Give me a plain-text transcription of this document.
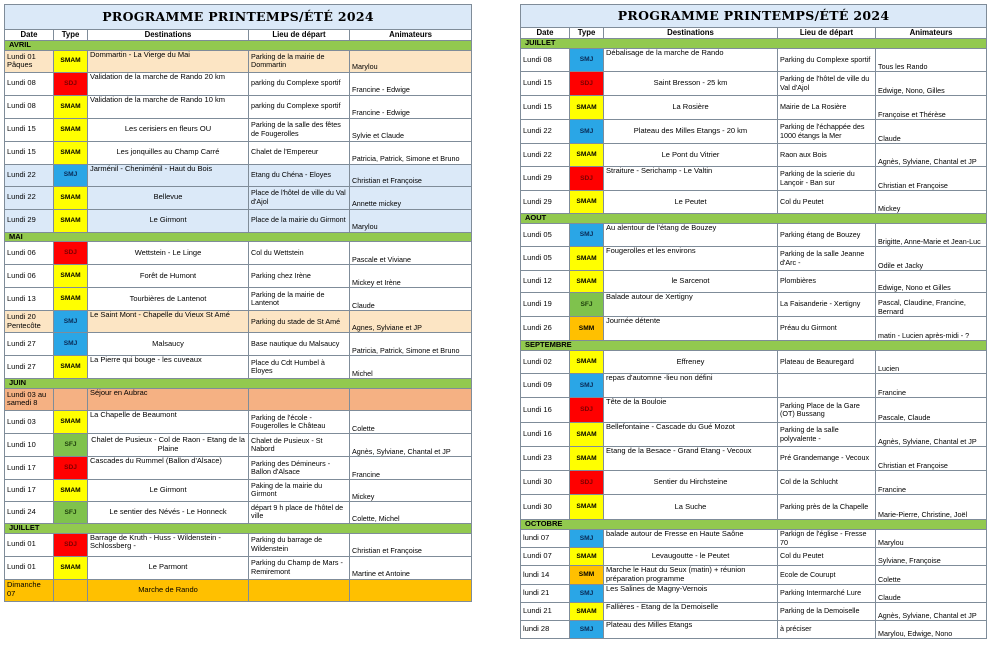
PROGRAMME PRINTEMPS/ÉTÉ 2024				
Date	Type	Destinations	Lieu de départ	Animateurs
AVRIL				
Lundi 01 Pâques	SMAM	Dommartin - La Vierge du Mai	Parking de la mairie de Dommartin	Marylou
Lundi 08	SDJ	Validation de la marche de Rando 20 km	parking du Complexe sportif	Francine - Edwige
Lundi 08	SMAM	Validation de la marche de Rando 10 km	parking du Complexe sportif	Francine - Edwige
Lundi 15	SMAM	Les cerisiers en fleurs OU	Parking de la salle des fêtes de Fougerolles	Sylvie et Claude
Lundi 15	SMAM	Les jonquilles au Champ Carré	Chalet de l'Empereur	Patricia, Patrick, Simone et Bruno
Lundi 22	SMJ	Jarménil - Cheniménil - Haut du Bois	Etang du Chéna - Eloyes	Christian et Françoise
Lundi 22	SMAM	Bellevue	Place de l'hôtel de ville du Val d'Ajol	Annette mickey
Lundi 29	SMAM	Le Girmont	Place de la mairie du Girmont	Marylou
MAI				
Lundi 06	SDJ	Wettstein - Le Linge	Col du Wettstein	Pascale et Viviane
Lundi 06	SMAM	Forêt de Humont	Parking chez Irène	Mickey et Irène
Lundi 13	SMAM	Tourbières de Lantenot	Parking de la mairie de Lantenot	Claude
Lundi 20 Pentecôte	SMJ	Le Saint Mont - Chapelle du Vieux St Amé	Parking du stade de St Amé	Agnes, Sylviane et JP
Lundi 27	SMJ	Malsaucy	Base nautique du Malsaucy	Patricia, Patrick, Simone et Bruno
Lundi 27	SMAM	La Pierre qui bouge - les cuveaux	Place du Cdt Humbel à Eloyes	Michel
JUIN				
Lundi 03 au samedi 8		Séjour en Aubrac		
Lundi 03	SMAM	La Chapelle de Beaumont	Parking de l'école - Fougerolles le Château	Colette
Lundi 10	SFJ	Chalet de Pusieux - Col de Raon - Etang de la Plaine	Chalet de Pusieux - St Nabord	Agnès, Sylviane, Chantal et JP
Lundi 17	SDJ	Cascades du Rummel (Ballon d'Alsace)	Parking des Démineurs - Ballon d'Alsace	Francine
Lundi 17	SMAM	Le Girmont	Paking de la mairie du Girmont	Mickey
Lundi 24	SFJ	Le sentier des Névés - Le Honneck	départ 9 h place de l'hôtel de ville	Colette, Michel
JUILLET				
Lundi 01	SDJ	Barrage de Kruth - Huss - Wildenstein - Schlossberg -	Parking du barrage de Wildenstein	Christian et Françoise
Lundi 01	SMAM	Le Parmont	Parking du Champ de Mars - Remiremont	Martine et Antoine
Dimanche 07		Marche de Rando		
PROGRAMME PRINTEMPS/ÉTÉ 2024				
Date	Type	Destinations	Lieu de départ	Animateurs
JUILLET				
Lundi 08	SMJ	Débalisage de la marche de Rando	Parking du Complexe sportif	Tous les Rando
Lundi 15	SDJ	Saint Bresson - 25 km	Parking de l'hôtel de ville du Val d'Ajol	Edwige, Nono, Gilles
Lundi 15	SMAM	La Rosière	Mairie de La Rosière	Françoise et Thérèse
Lundi 22	SMJ	Plateau des Milles Etangs - 20 km	Parking de l'échappée des 1000 étangs la Mer	Claude
Lundi 22	SMAM	Le Pont du Vitrier	Raon aux Bois	Agnès, Sylviane, Chantal et JP
Lundi 29	SDJ	Straiture - Serichamp - Le Valtin	Parking de la scierie du Lançoir - Ban sur	Christian et Françoise
Lundi 29	SMAM	Le Peutet	Col du Peutet	Mickey
AOUT				
Lundi 05	SMJ	Au alentour de l'étang de Bouzey	Parking étang de Bouzey	Brigitte, Anne-Marie et Jean-Luc
Lundi 05	SMAM	Fougerolles et les environs	Parking de la salle Jeanne d'Arc -	Odile et Jacky
Lundi 12	SMAM	le Sarcenot	Plombières	Edwige, Nono et Gilles
Lundi 19	SFJ	Balade autour de Xertigny	La Faisanderie - Xertigny	Pascal, Claudine, Francine, Bernard
Lundi 26	SMM	Journée détente	Préau du Girmont	matin - Lucien après-midi - ?
SEPTEMBRE				
Lundi 02	SMAM	Effreney	Plateau de Beauregard	Lucien
Lundi 09	SMJ	repas d'automne -lieu non défini		Francine
Lundi 16	SDJ	Tête de la Bouloie	Parking Place de la Gare (OT) Bussang	Pascale, Claude
Lundi 16	SMAM	Bellefontaine - Cascade du Gué Mozot	Parking de la salle polyvalente -	Agnès, Sylviane, Chantal et JP
Lundi 23	SMAM	Etang de la Besace - Grand Etang - Vecoux	Pré Grandemange - Vecoux	Christian et Françoise
Lundi 30	SDJ	Sentier du Hirchsteine	Col de la Schlucht	Francine
Lundi 30	SMAM	La Suche	Parking près de la Chapelle	Marie-Pierre, Christine, Joël
OCTOBRE				
lundi 07	SMJ	balade autour de Fresse en Haute Saône	Parkign de l'église - Fresse 70	Marylou
Lundi 07	SMAM	Levaugoutte - le Peutet	Col du Peutet	Sylviane, Françoise
lundi 14	SMM	Marche le Haut du Seux (matin) + réunion préparation programme	Ecole de Courupt	Colette
lundi 21	SMJ	Les Salines de Magny-Vernois	Parking Intermarché Lure	Claude
Lundi 21	SMAM	Fallières - Etang de la Demoiselle	Parking de la Demoiselle	Agnès, Sylviane, Chantal et JP
lundi 28	SMJ	Plateau des Milles Etangs	à préciser	Marylou, Edwige, Nono
